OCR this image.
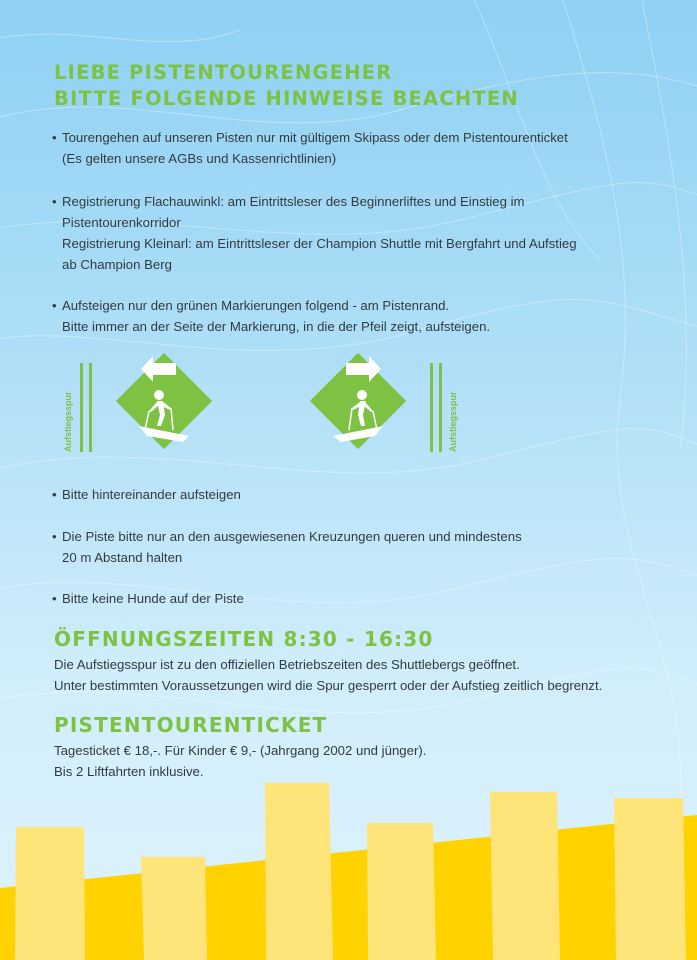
LIEBE PISTENTOURENGEHER
BITTE FOLGENDE HINWEISE BEACHTEN
• Tourengehen auf unseren Pisten nur mit gültigem Skipass oder dem Pistentourenticket
(Es gelten unsere AGBs und Kassenrichtlinien)
• Registrierung Flachauwinkl: am Eintrittsleser des Beginnerliftes und Einstieg im
Pistentourenkorridor
Registrierung Kleinarl: am Eintrittsleser der Champion Shuttle mit Bergfahrt und Aufstieg
ab Champion Berg
• Aufsteigen nur den grünen Markierungen folgend - am Pistenrand.
Bitte immer an der Seite der Markierung, in die der Pfeil zeigt, aufsteigen.
Aufstiegsspur	Aufstiegsspur
• Bitte hintereinander aufsteigen
• Die Piste bitte nur an den ausgewiesenen Kreuzungen queren und mindestens
20 m Abstand halten
• Bitte keine Hunde auf der Piste
ÖFFNUNGSZEITEN 8:30 - 16:30

Die Aufstiegsspur ist zu den offiziellen Betriebszeiten des Shuttlebergs geöffnet.
Unter bestimmten Voraussetzungen wird die Spur gesperrt oder der Aufstieg zeitlich begrenzt.

PISTENTOURENTICKET

Tagesticket € 18,-. Für Kinder € 9,- (Jahrgang 2002 und jünger).
Bis 2 Liftfahrten inklusive.
